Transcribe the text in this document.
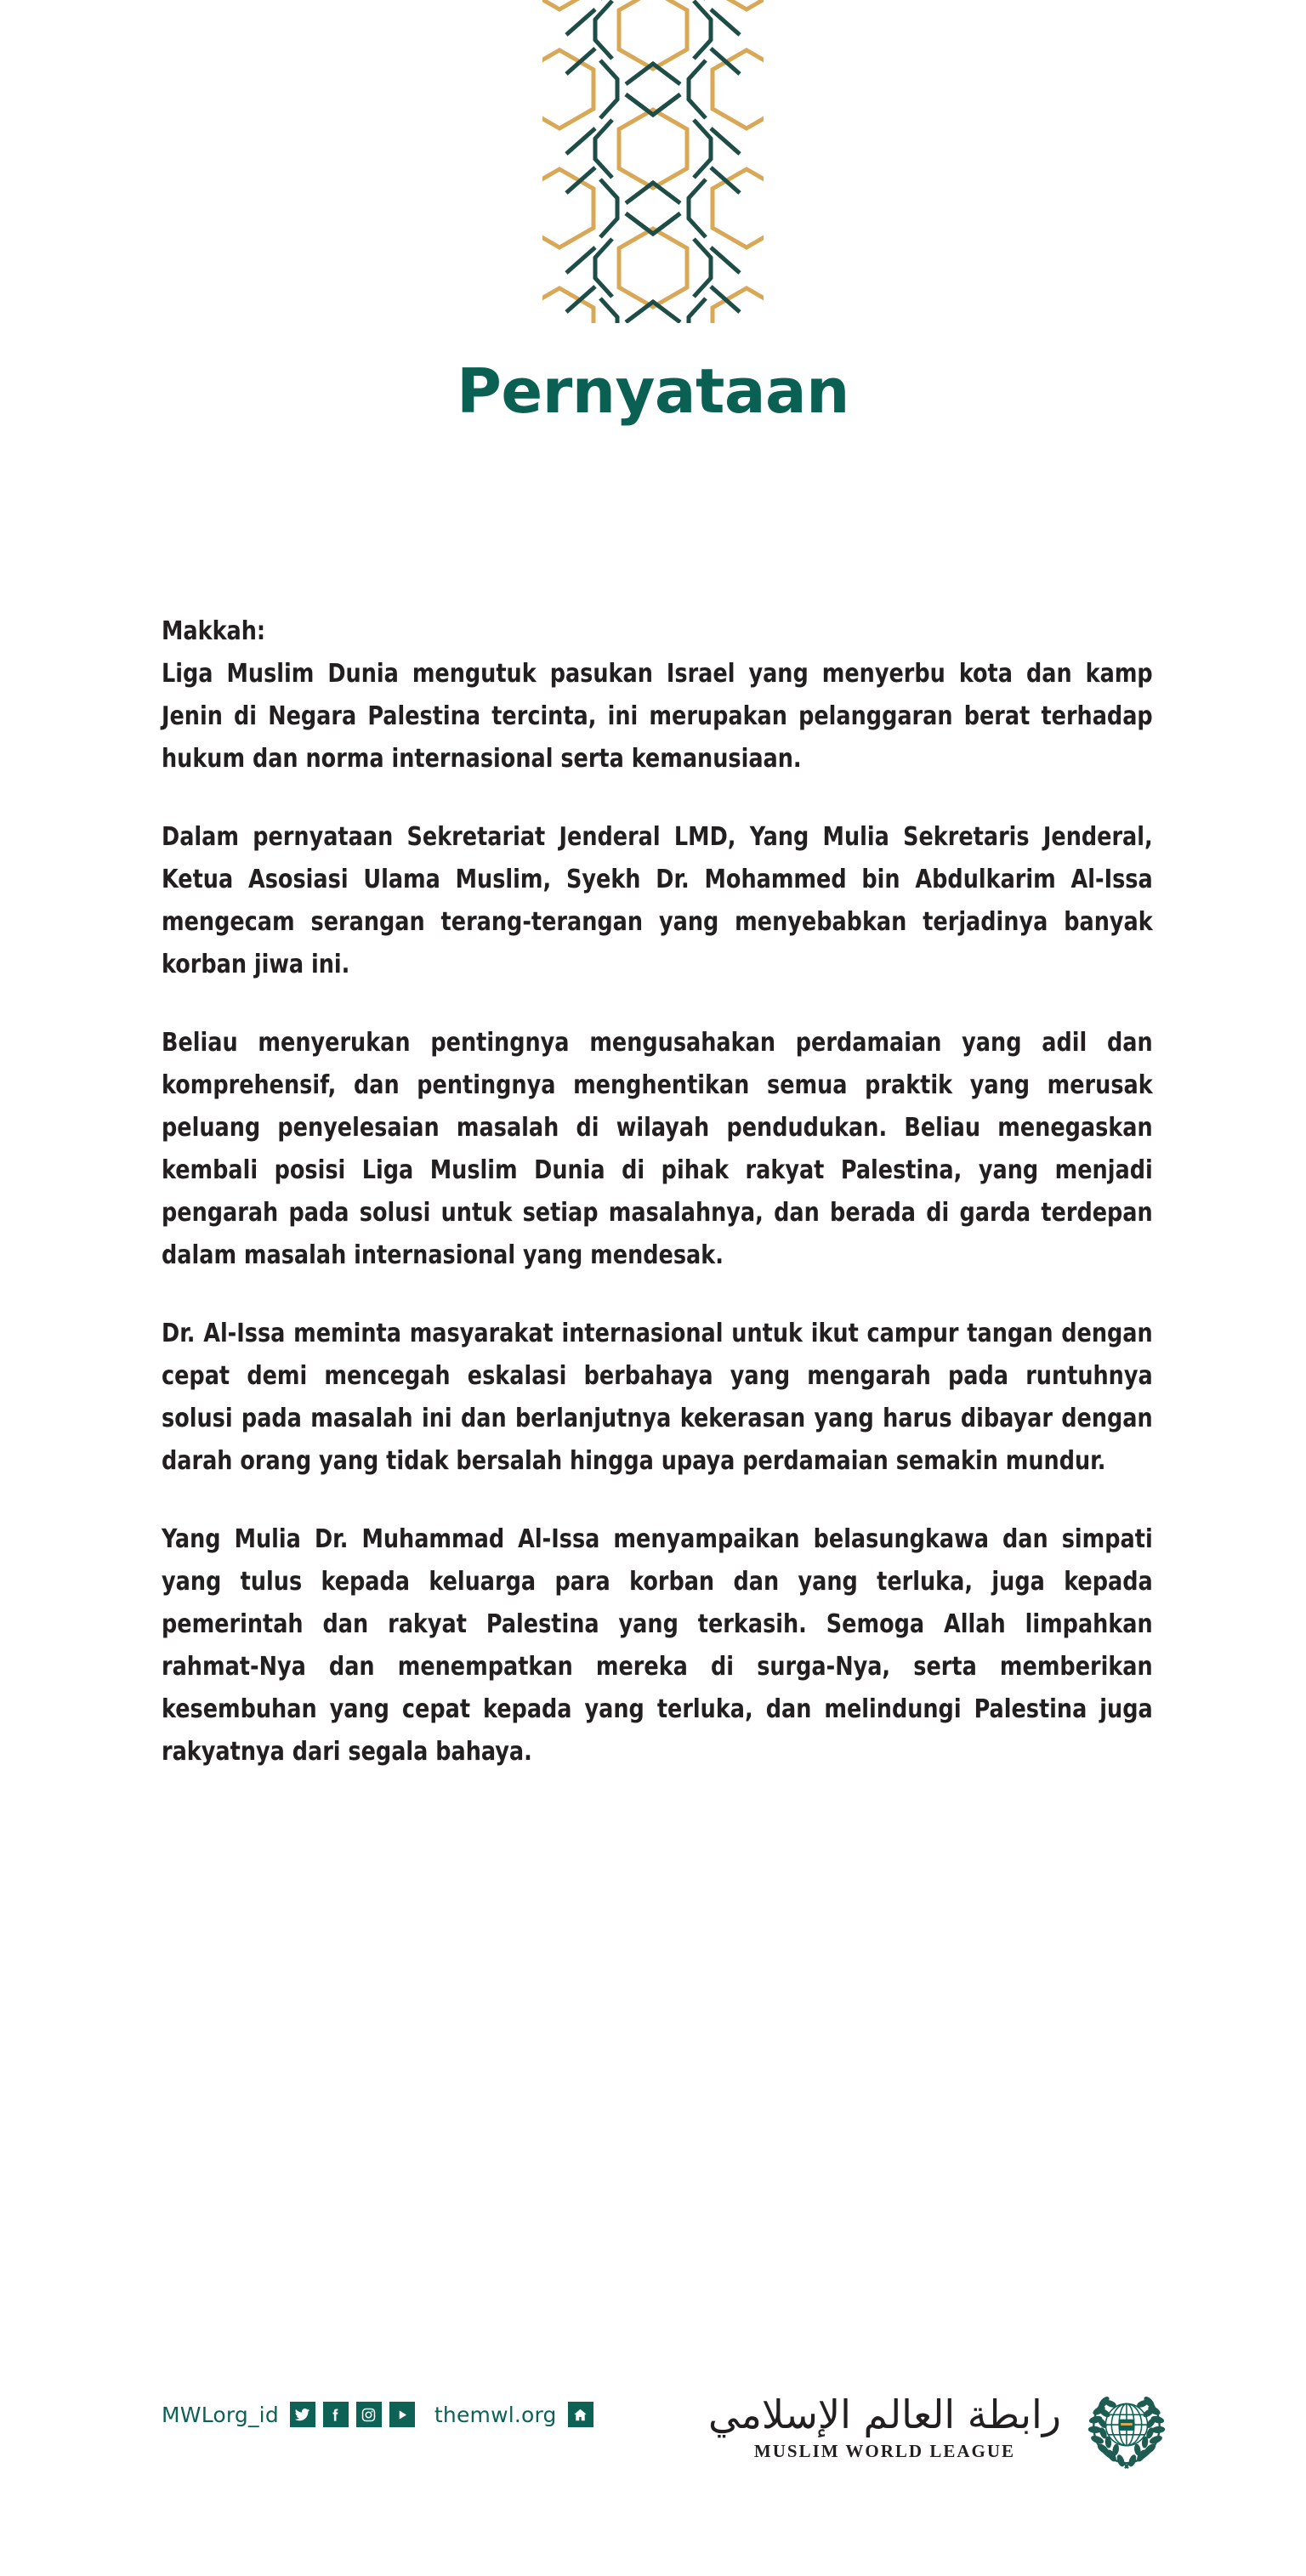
Pernyataan

Makkah:
Liga Muslim Dunia mengutuk pasukan Israel yang menyerbu kota dan kamp Jenin di Negara Palestina tercinta, ini merupakan pelanggaran berat terhadap hukum dan norma internasional serta kemanusiaan.

Dalam pernyataan Sekretariat Jenderal LMD, Yang Mulia Sekretaris Jenderal, Ketua Asosiasi Ulama Muslim, Syekh Dr. Mohammed bin Abdulkarim Al-Issa mengecam serangan terang-terangan yang menyebabkan terjadinya banyak korban jiwa ini.

Beliau menyerukan pentingnya mengusahakan perdamaian yang adil dan komprehensif, dan pentingnya menghentikan semua praktik yang merusak peluang penyelesaian masalah di wilayah pendudukan. Beliau menegaskan kembali posisi Liga Muslim Dunia di pihak rakyat Palestina, yang menjadi pengarah pada solusi untuk setiap masalahnya, dan berada di garda terdepan dalam masalah internasional yang mendesak.

Dr. Al-Issa meminta masyarakat internasional untuk ikut campur tangan dengan cepat demi mencegah eskalasi berbahaya yang mengarah pada runtuhnya solusi pada masalah ini dan berlanjutnya kekerasan yang harus dibayar dengan darah orang yang tidak bersalah hingga upaya perdamaian semakin mundur.

Yang Mulia Dr. Muhammad Al-Issa menyampaikan belasungkawa dan simpati yang tulus kepada keluarga para korban dan yang terluka, juga kepada pemerintah dan rakyat Palestina yang terkasih. Semoga Allah limpahkan rahmat-Nya dan menempatkan mereka di surga-Nya, serta memberikan kesembuhan yang cepat kepada yang terluka, dan melindungi Palestina juga rakyatnya dari segala bahaya.

MWLorg_id	themwl.org	رابطة العالم الإسلامي
MUSLIM WORLD LEAGUE
